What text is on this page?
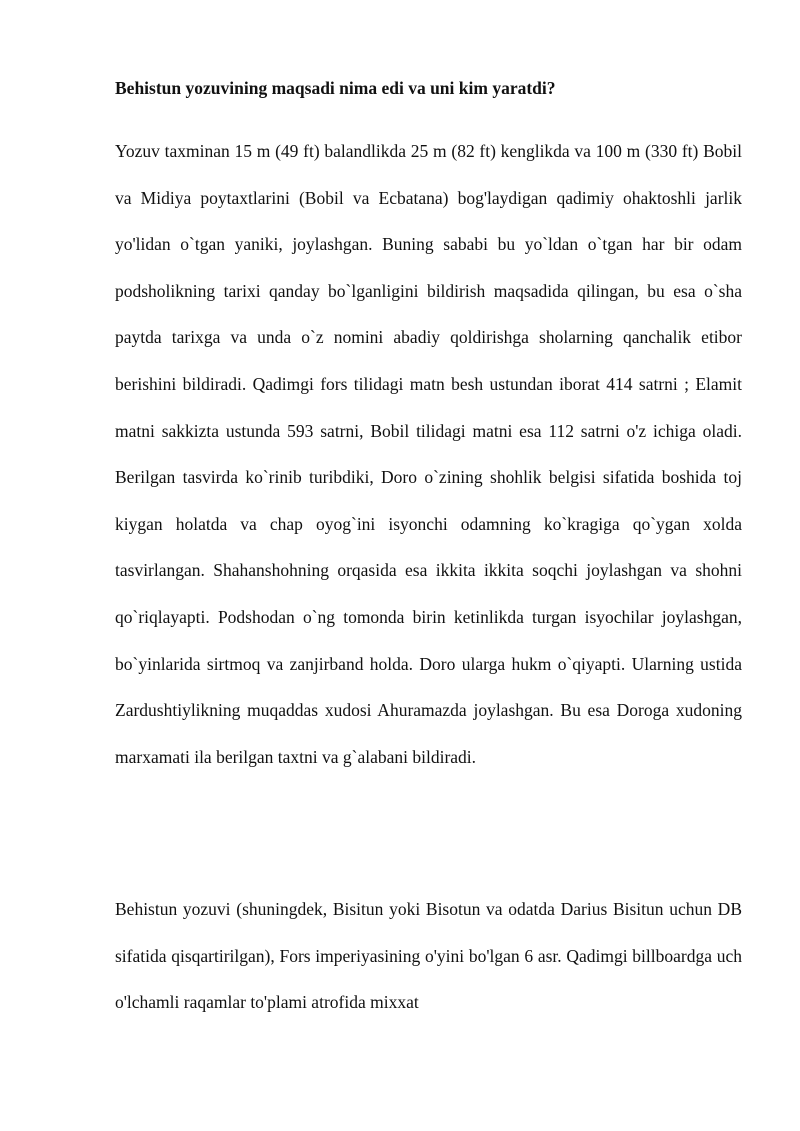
Behistun yozuvining maqsadi nima edi va uni kim yaratdi?

Yozuv taxminan 15 m (49 ft) balandlikda 25 m (82 ft) kenglikda va 100 m (330 ft) Bobil va Midiya poytaxtlarini (Bobil va Ecbatana) bog'laydigan qadimiy ohaktoshli jarlik yo'lidan o`tgan yaniki, joylashgan. Buning sababi bu yo`ldan o`tgan har bir odam podsholikning tarixi qanday bo`lganligini bildirish maqsadida qilingan, bu esa o`sha paytda tarixga va unda o`z nomini abadiy qoldirishga sholarning qanchalik etibor berishini bildiradi. Qadimgi fors tilidagi matn besh ustundan iborat 414 satrni ; Elamit matni sakkizta ustunda 593 satrni, Bobil tilidagi matni esa 112 satrni o'z ichiga oladi. Berilgan tasvirda ko`rinib turibdiki, Doro o`zining shohlik belgisi sifatida boshida toj kiygan holatda va chap oyog`ini isyonchi odamning ko`kragiga qo`ygan xolda tasvirlangan. Shahanshohning orqasida esa ikkita ikkita soqchi joylashgan va shohni qo`riqlayapti. Podshodan o`ng tomonda birin ketinlikda turgan isyochilar joylashgan, bo`yinlarida sirtmoq va zanjirband holda. Doro ularga hukm o`qiyapti. Ularning ustida Zardushtiylikning muqaddas xudosi Ahuramazda joylashgan. Bu esa Doroga xudoning marxamati ila berilgan taxtni va g`alabani bildiradi.

Behistun yozuvi (shuningdek, Bisitun yoki Bisotun va odatda Darius Bisitun uchun DB sifatida qisqartirilgan), Fors imperiyasining o'yini bo'lgan 6 asr. Qadimgi billboardga uch o'lchamli raqamlar to'plami atrofida mixxat
